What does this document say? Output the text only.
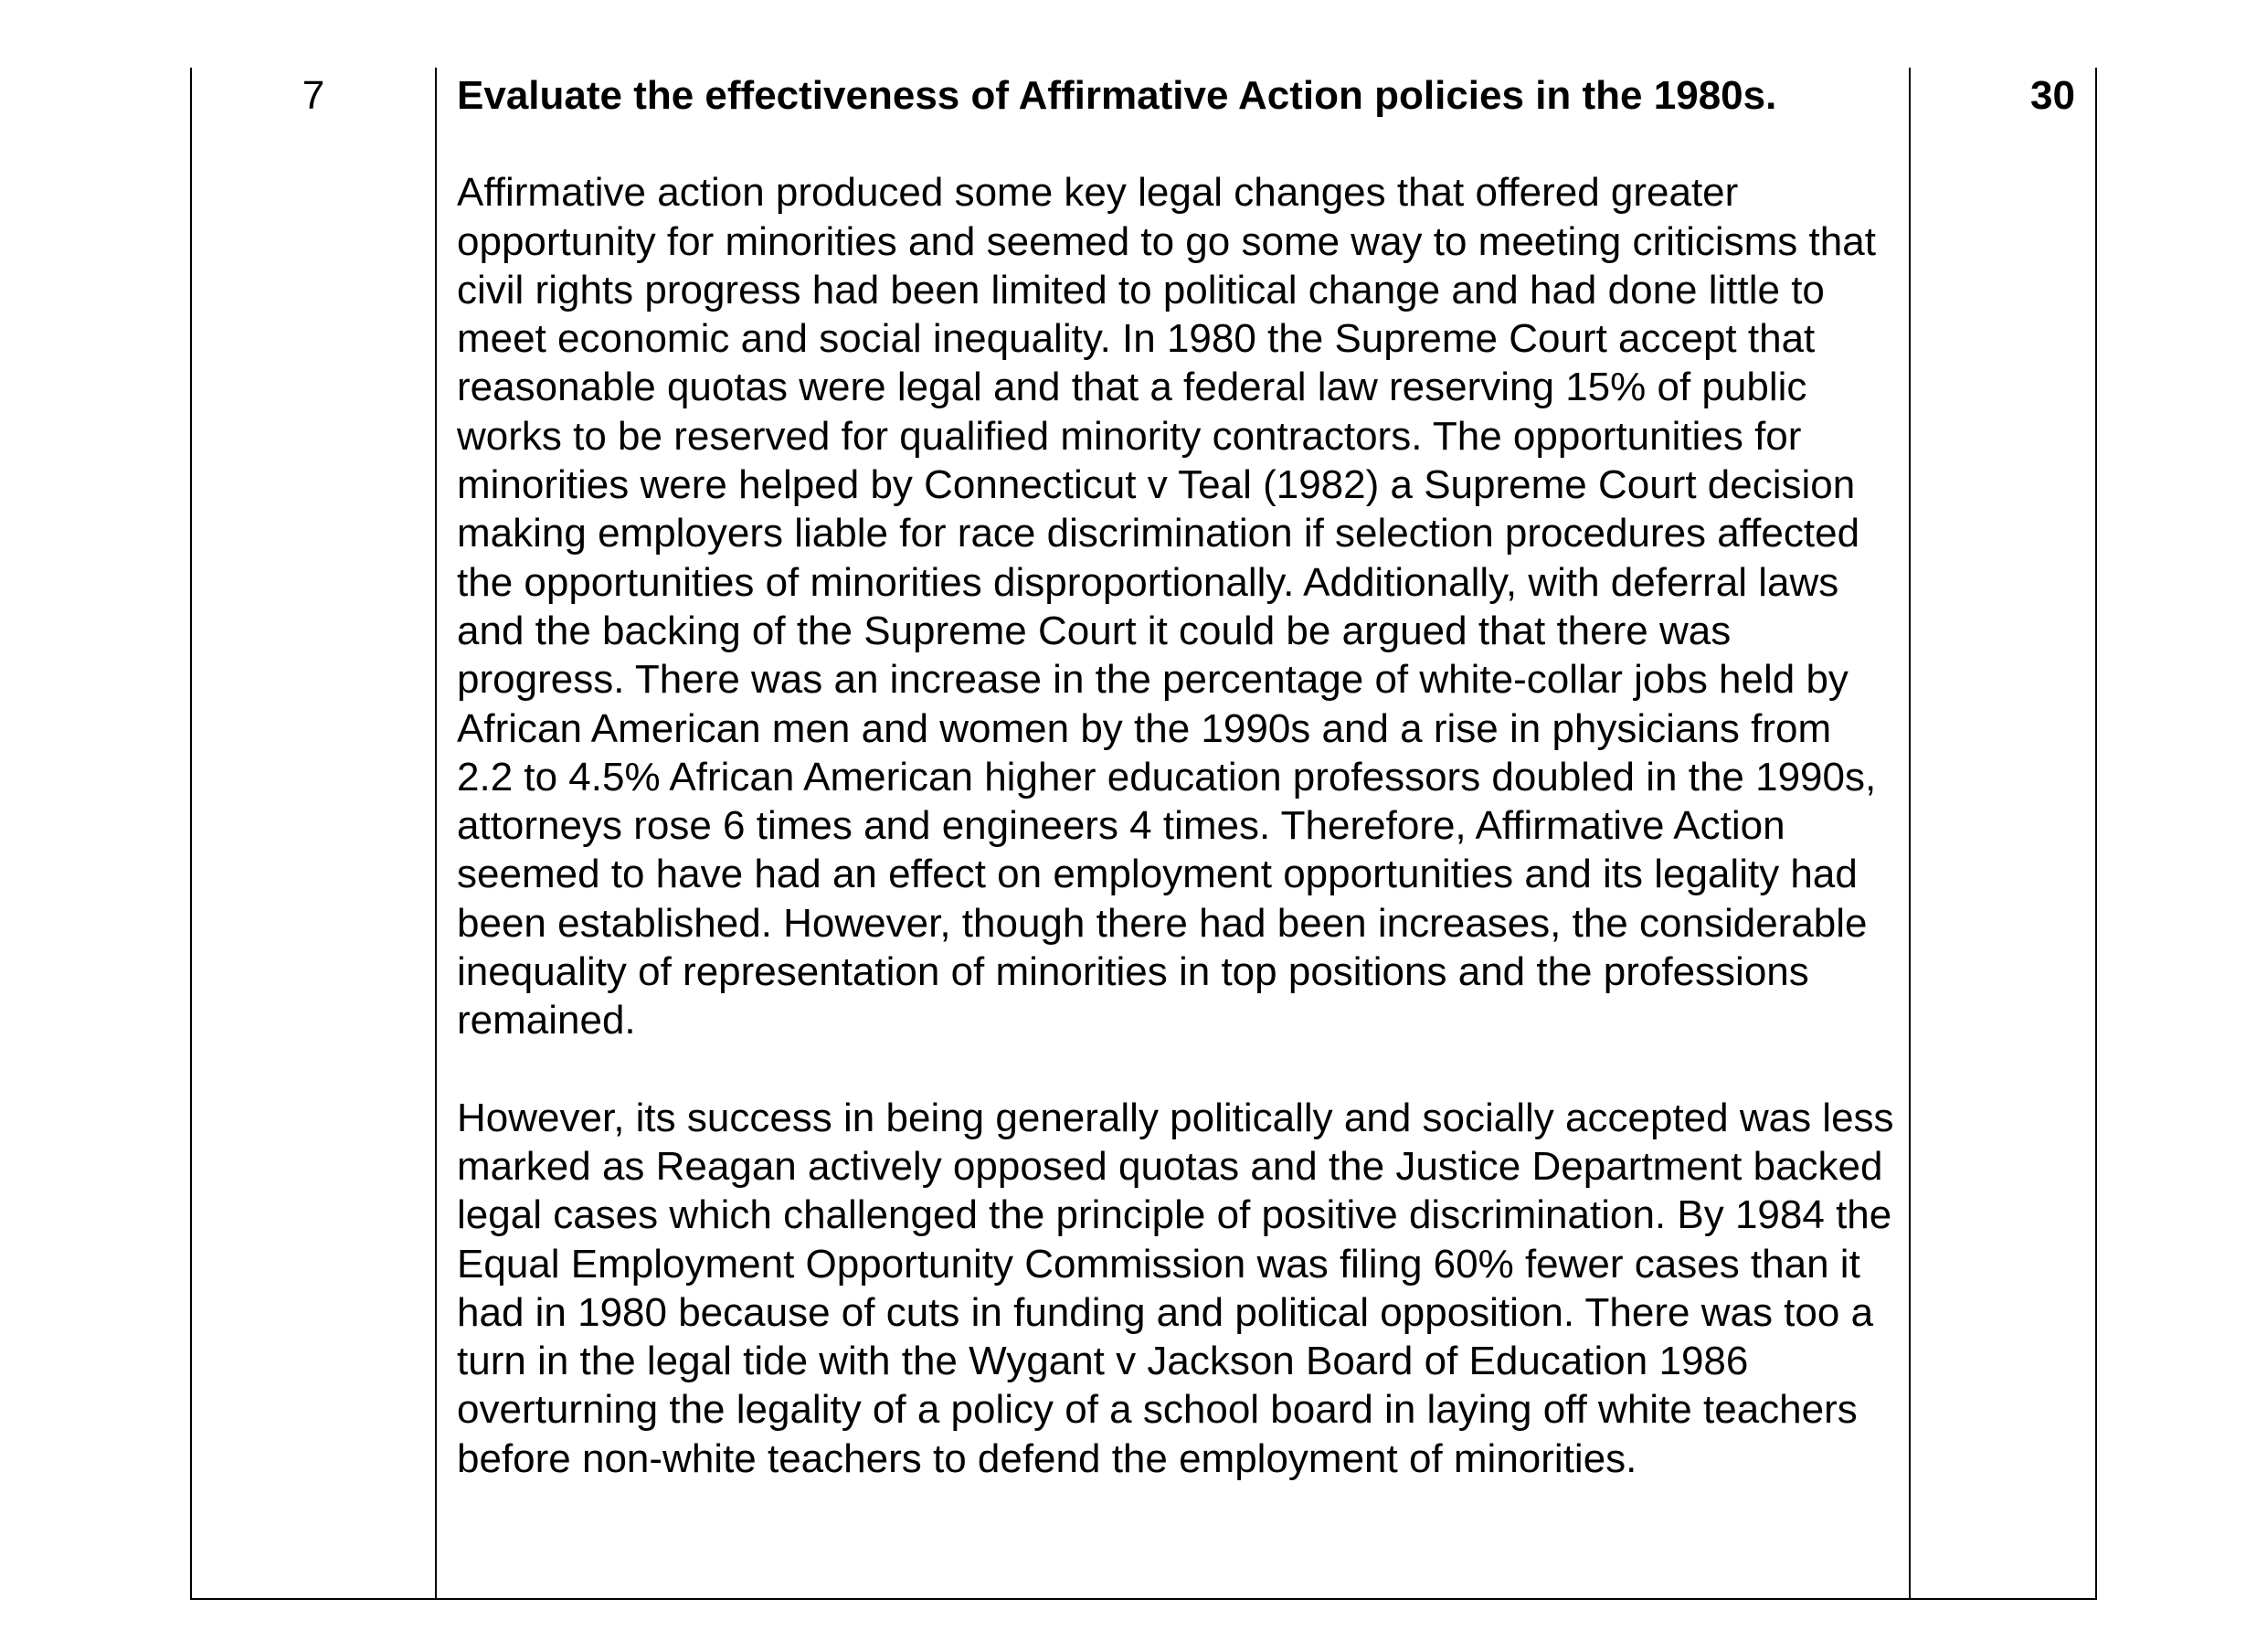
7	Evaluate the effectiveness of Affirmative Action policies in the 1980s.

Affirmative action produced some key legal changes that offered greater opportunity for minorities and seemed to go some way to meeting criticisms that civil rights progress had been limited to political change and had done little to meet economic and social inequality. In 1980 the Supreme Court accept that reasonable quotas were legal and that a federal law reserving 15% of public works to be reserved for qualified minority contractors. The opportunities for minorities were helped by Connecticut v Teal (1982) a Supreme Court decision making employers liable for race discrimination if selection procedures affected the opportunities of minorities disproportionally. Additionally, with deferral laws and the backing of the Supreme Court it could be argued that there was progress. There was an increase in the percentage of white-collar jobs held by African American men and women by the 1990s and a rise in physicians from 2.2 to 4.5% African American higher education professors doubled in the 1990s, attorneys rose 6 times and engineers 4 times. Therefore, Affirmative Action seemed to have had an effect on employment opportunities and its legality had been established. However, though there had been increases, the considerable inequality of representation of minorities in top positions and the professions remained.

However, its success in being generally politically and socially accepted was less marked as Reagan actively opposed quotas and the Justice Department backed legal cases which challenged the principle of positive discrimination. By 1984 the Equal Employment Opportunity Commission was filing 60% fewer cases than it had in 1980 because of cuts in funding and political opposition. There was too a turn in the legal tide with the Wygant v Jackson Board of Education 1986 overturning the legality of a policy of a school board in laying off white teachers before non-white teachers to defend the employment of minorities.

30
